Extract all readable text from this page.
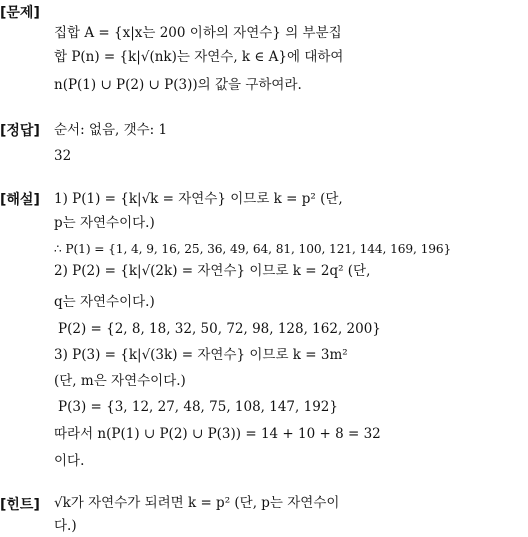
[문제]
집합 A = {x|x는 200 이하의 자연수} 의 부분집
합 P(n) = {k|√(nk)는 자연수, k ∈ A}에 대하여
n(P(1) ∪ P(2) ∪ P(3))의 값을 구하여라.
[정답] 순서: 없음, 갯수: 1
32
[해설] 1) P(1) = {k|√k = 자연수} 이므로 k = p² (단,
p는 자연수이다.)
∴ P(1) = {1, 4, 9, 16, 25, 36, 49, 64, 81, 100, 121, 144, 169, 196}
2) P(2) = {k|√(2k) = 자연수} 이므로 k = 2q² (단,
q는 자연수이다.)
P(2) = {2, 8, 18, 32, 50, 72, 98, 128, 162, 200}
3) P(3) = {k|√(3k) = 자연수} 이므로 k = 3m²
(단, m은 자연수이다.)
P(3) = {3, 12, 27, 48, 75, 108, 147, 192}
따라서 n(P(1) ∪ P(2) ∪ P(3)) = 14 + 10 + 8 = 32
이다.
[힌트] √k가 자연수가 되려면 k = p² (단, p는 자연수이
다.)
